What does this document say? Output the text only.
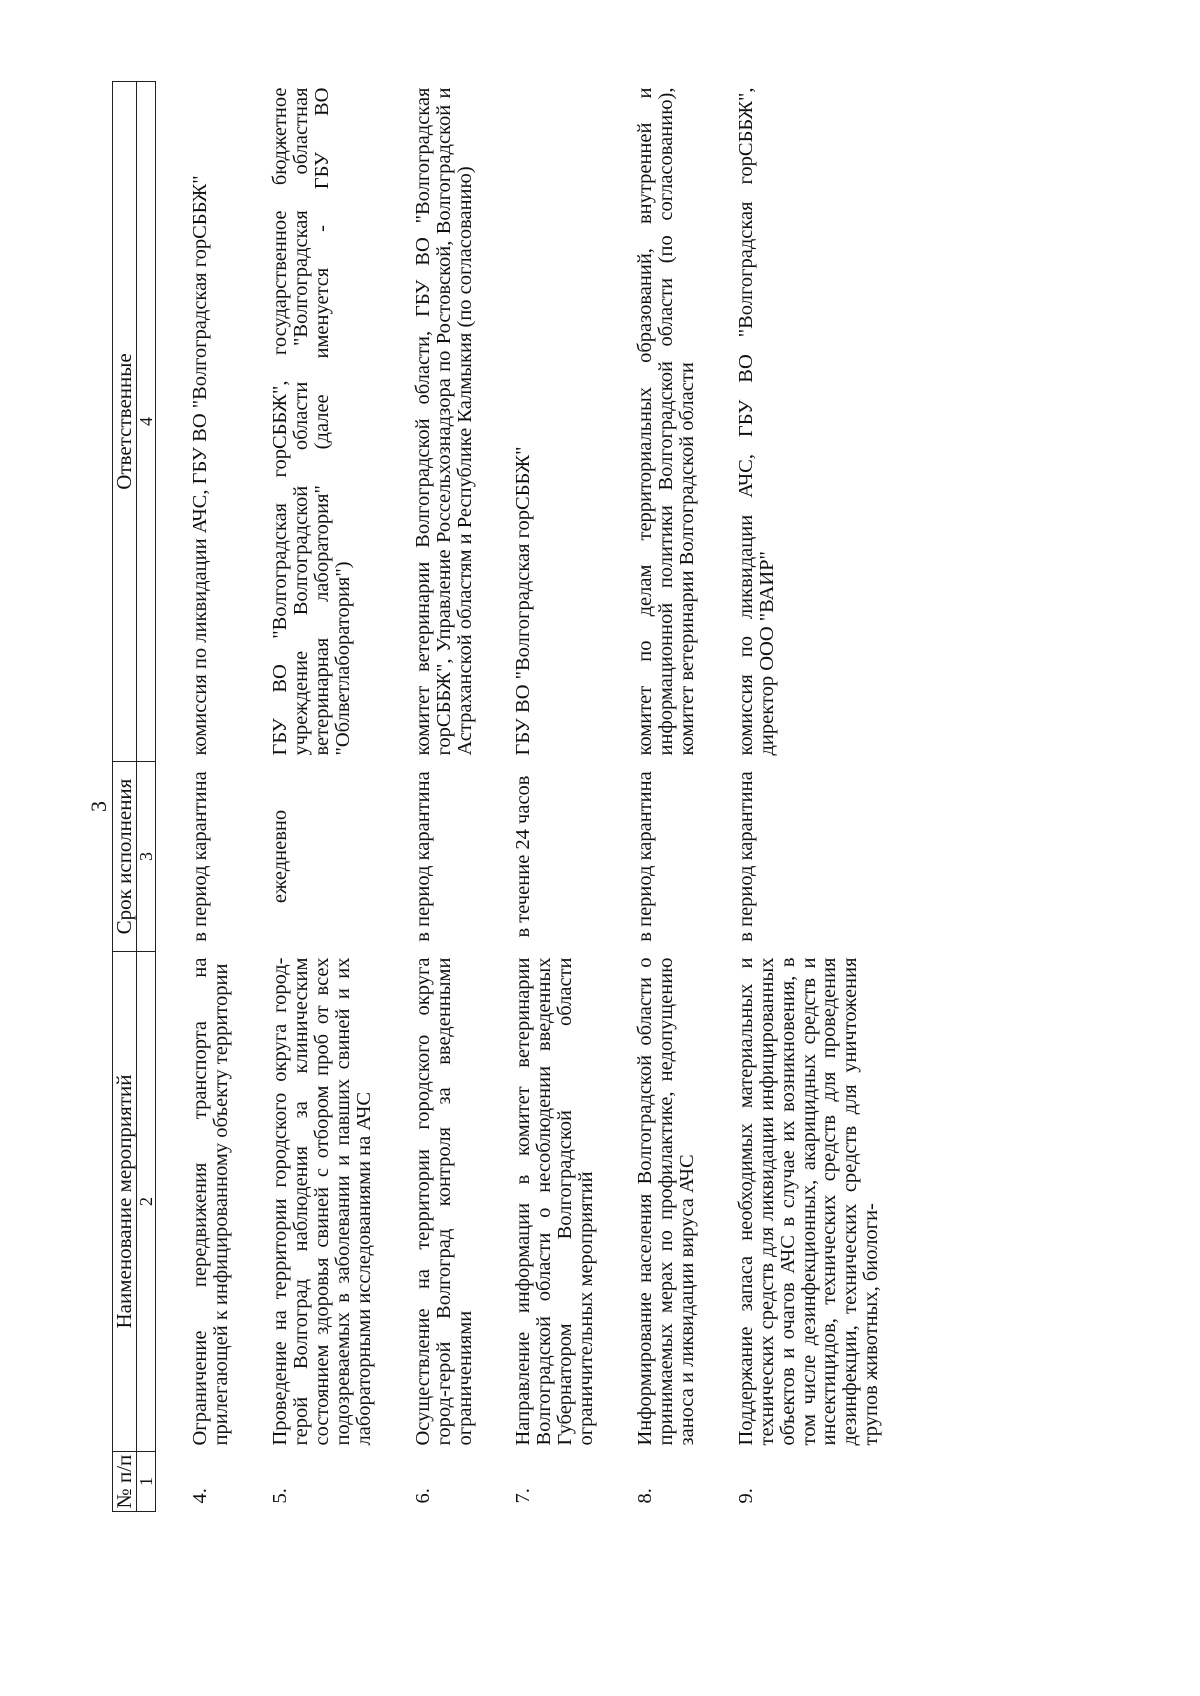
3
№ п/п	Наименование мероприятий	Срок исполнения	Ответственные
1	2	3	4
4.	Ограничение передвижения транспорта на прилегающей к инфицированному объекту территории	в период карантина	комиссия по ликвидации АЧС, ГБУ ВО "Волгоградская горСББЖ"
5.	Проведение на территории городского округа город-герой Волгоград наблюдения за клиническим состоянием здоровья свиней с отбором проб от всех подозреваемых в заболевании и павших свиней и их лабораторными исследованиями на АЧС	ежедневно	ГБУ ВО "Волгоградская горСББЖ", государственное бюджетное учреждение Волгоградской области "Волгоградская областная ветеринарная лаборатория" (далее именуется - ГБУ ВО "Облветлаборатория")
6.	Осуществление на территории городского округа город-герой Волгоград контроля за введенными ограничениями	в период карантина	комитет ветеринарии Волгоградской области, ГБУ ВО "Волгоградская горСББЖ", Управление Россельхознадзора по Ростовской, Волгоградской и Астраханской областям и Республике Калмыкия (по согласованию)
7.	Направление информации в комитет ветеринарии Волгоградской области о несоблюдении введенных Губернатором Волгоградской области ограничительных мероприятий	в течение 24 часов	ГБУ ВО "Волгоградская горСББЖ"
8.	Информирование населения Волгоградской области о принимаемых мерах по профилактике, недопущению заноса и ликвидации вируса АЧС	в период карантина	комитет по делам территориальных образований, внутренней и информационной политики Волгоградской области (по согласованию), комитет ветеринарии Волгоградской области
9.	Поддержание запаса необходимых материальных и технических средств для ликвидации инфицированных объектов и очагов АЧС в случае их возникновения, в том числе дезинфекционных, акарицидных средств и инсектицидов, технических средств для проведения дезинфекции, технических средств для уничтожения трупов животных, биологи-	в период карантина	комиссия по ликвидации АЧС, ГБУ ВО "Волгоградская горСББЖ", директор ООО "ВАИР"
